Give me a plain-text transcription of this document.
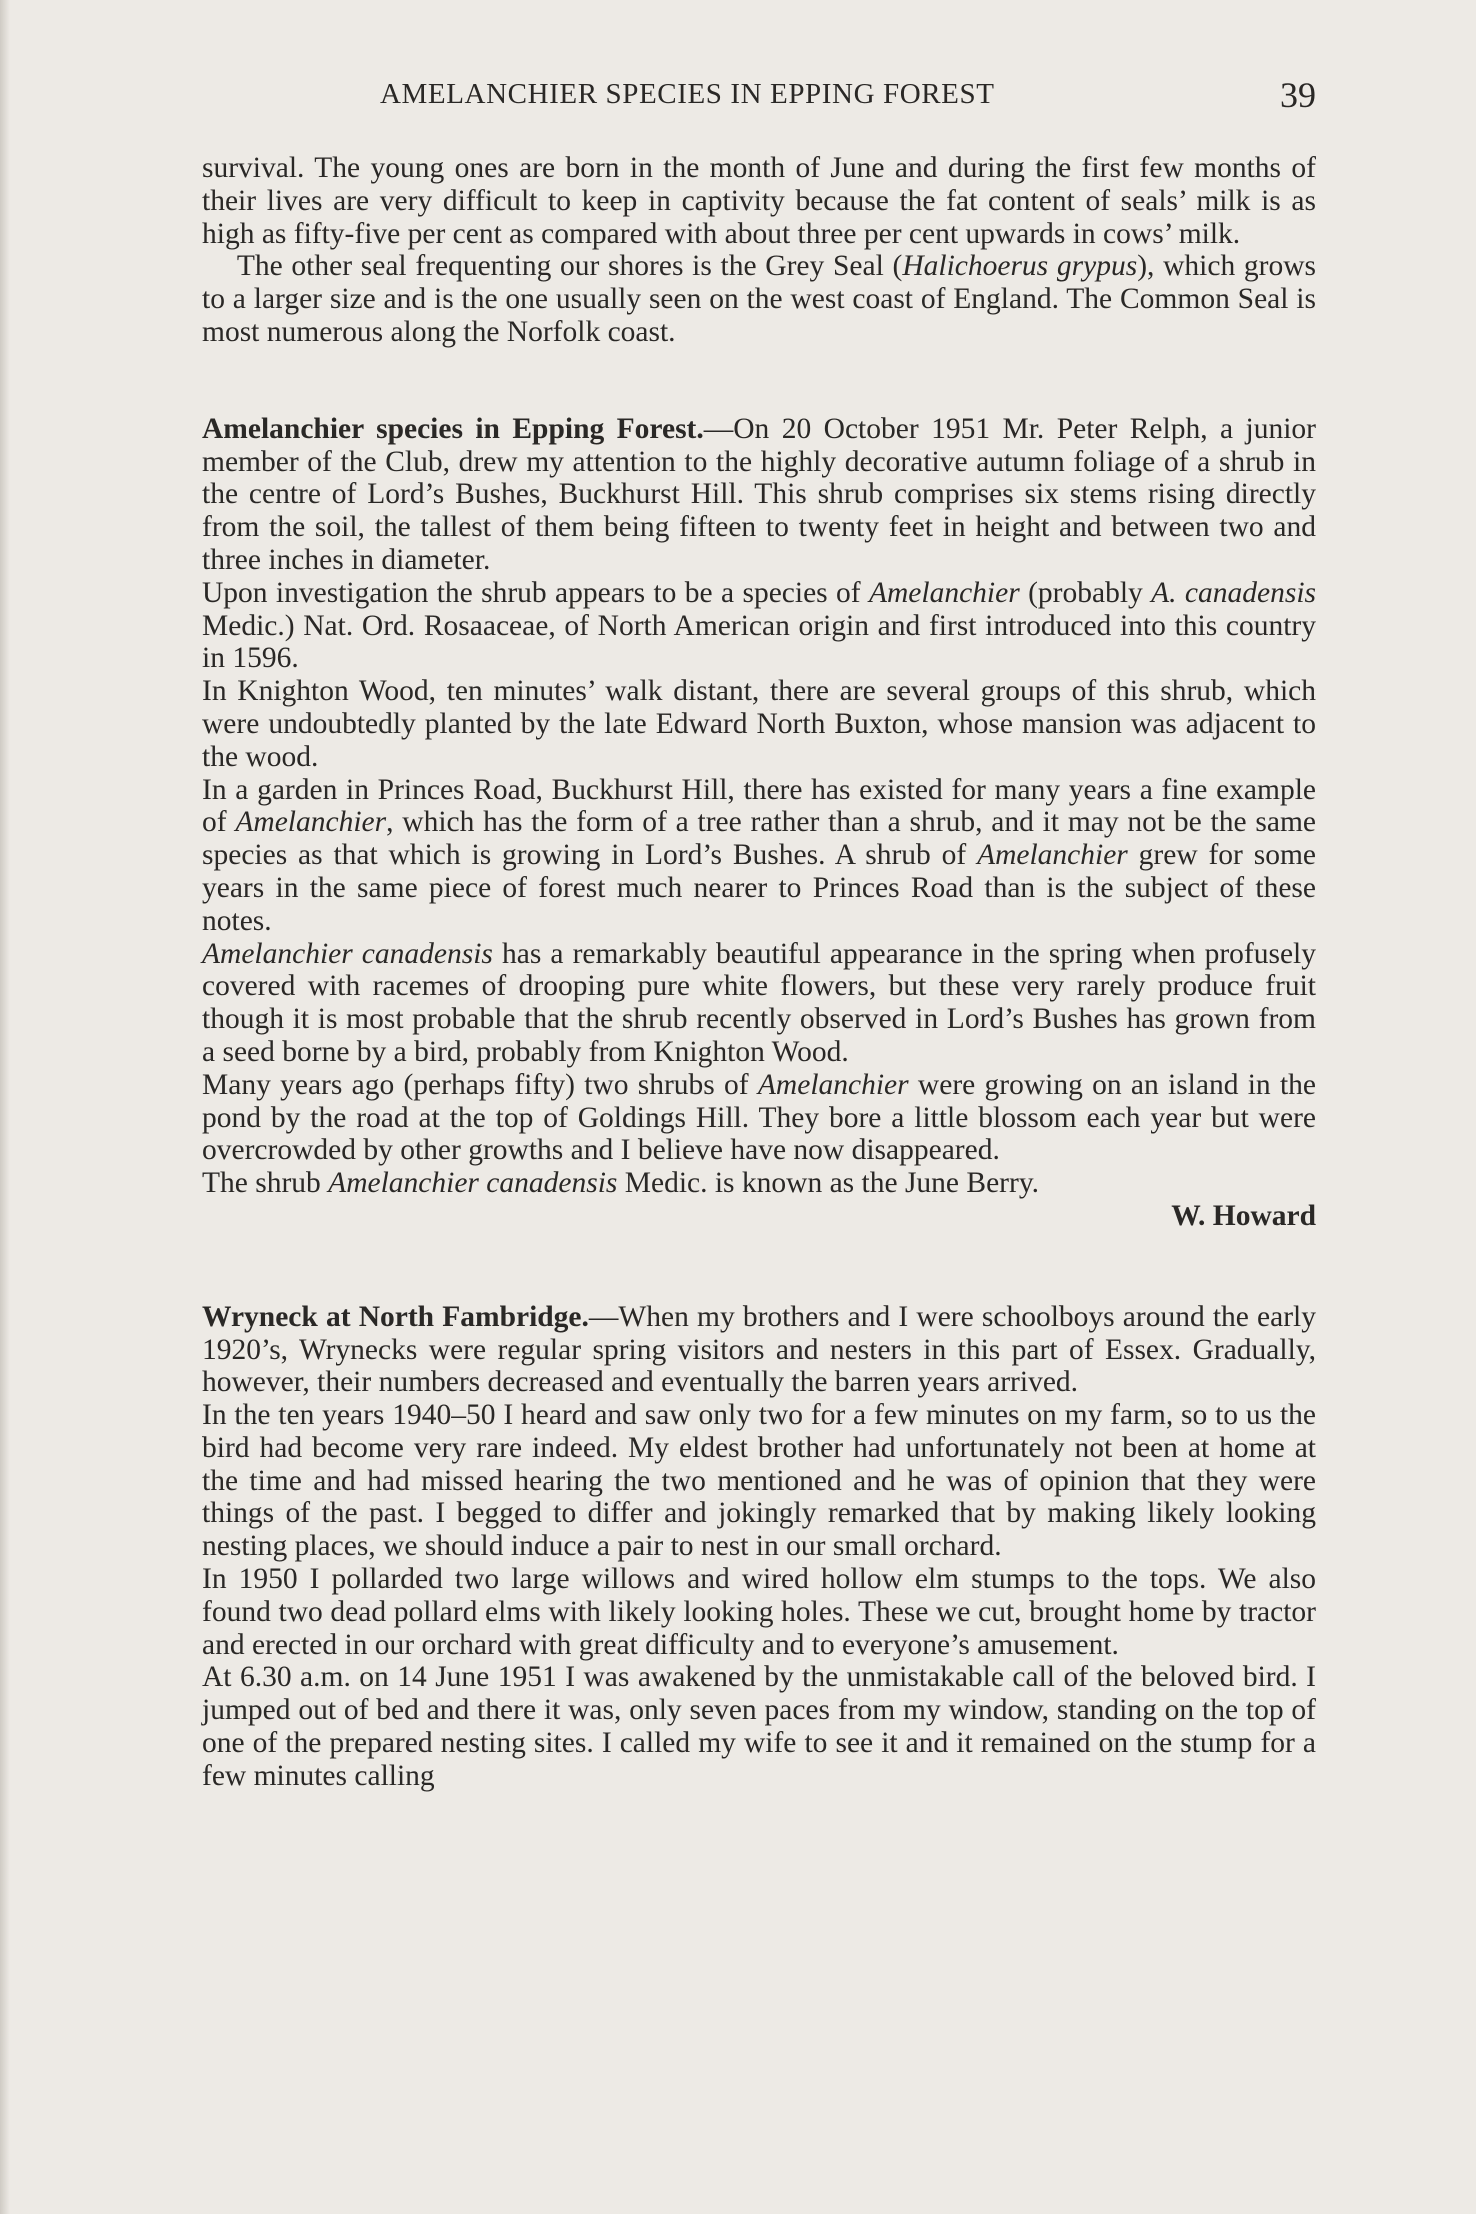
AMELANCHIER SPECIES IN EPPING FOREST	39

survival. The young ones are born in the month of June and during the first few months of their lives are very difficult to keep in captivity because the fat content of seals’ milk is as high as fifty-five per cent as compared with about three per cent upwards in cows’ milk.

The other seal frequenting our shores is the Grey Seal (Halichoerus grypus), which grows to a larger size and is the one usually seen on the west coast of England. The Common Seal is most numerous along the Norfolk coast.

Amelanchier species in Epping Forest.—On 20 October 1951 Mr. Peter Relph, a junior member of the Club, drew my attention to the highly decorative autumn foliage of a shrub in the centre of Lord’s Bushes, Buckhurst Hill. This shrub comprises six stems rising directly from the soil, the tallest of them being fifteen to twenty feet in height and between two and three inches in diameter.

Upon investigation the shrub appears to be a species of Amelanchier (probably A. canadensis Medic.) Nat. Ord. Rosaaceae, of North American origin and first introduced into this country in 1596.

In Knighton Wood, ten minutes’ walk distant, there are several groups of this shrub, which were undoubtedly planted by the late Edward North Buxton, whose mansion was adjacent to the wood.

In a garden in Princes Road, Buckhurst Hill, there has existed for many years a fine example of Amelanchier, which has the form of a tree rather than a shrub, and it may not be the same species as that which is growing in Lord’s Bushes. A shrub of Amelanchier grew for some years in the same piece of forest much nearer to Princes Road than is the subject of these notes.

Amelanchier canadensis has a remarkably beautiful appearance in the spring when profusely covered with racemes of drooping pure white flowers, but these very rarely produce fruit though it is most probable that the shrub recently observed in Lord’s Bushes has grown from a seed borne by a bird, probably from Knighton Wood.

Many years ago (perhaps fifty) two shrubs of Amelanchier were growing on an island in the pond by the road at the top of Goldings Hill. They bore a little blossom each year but were overcrowded by other growths and I believe have now disappeared.

The shrub Amelanchier canadensis Medic. is known as the June Berry.

W. Howard

Wryneck at North Fambridge.—When my brothers and I were schoolboys around the early 1920’s, Wrynecks were regular spring visitors and nesters in this part of Essex. Gradually, however, their numbers decreased and eventually the barren years arrived.

In the ten years 1940–50 I heard and saw only two for a few minutes on my farm, so to us the bird had become very rare indeed. My eldest brother had unfortunately not been at home at the time and had missed hearing the two mentioned and he was of opinion that they were things of the past. I begged to differ and jokingly remarked that by making likely looking nesting places, we should induce a pair to nest in our small orchard.

In 1950 I pollarded two large willows and wired hollow elm stumps to the tops. We also found two dead pollard elms with likely looking holes. These we cut, brought home by tractor and erected in our orchard with great difficulty and to everyone’s amusement.

At 6.30 a.m. on 14 June 1951 I was awakened by the unmistakable call of the beloved bird. I jumped out of bed and there it was, only seven paces from my window, standing on the top of one of the prepared nesting sites. I called my wife to see it and it remained on the stump for a few minutes calling
